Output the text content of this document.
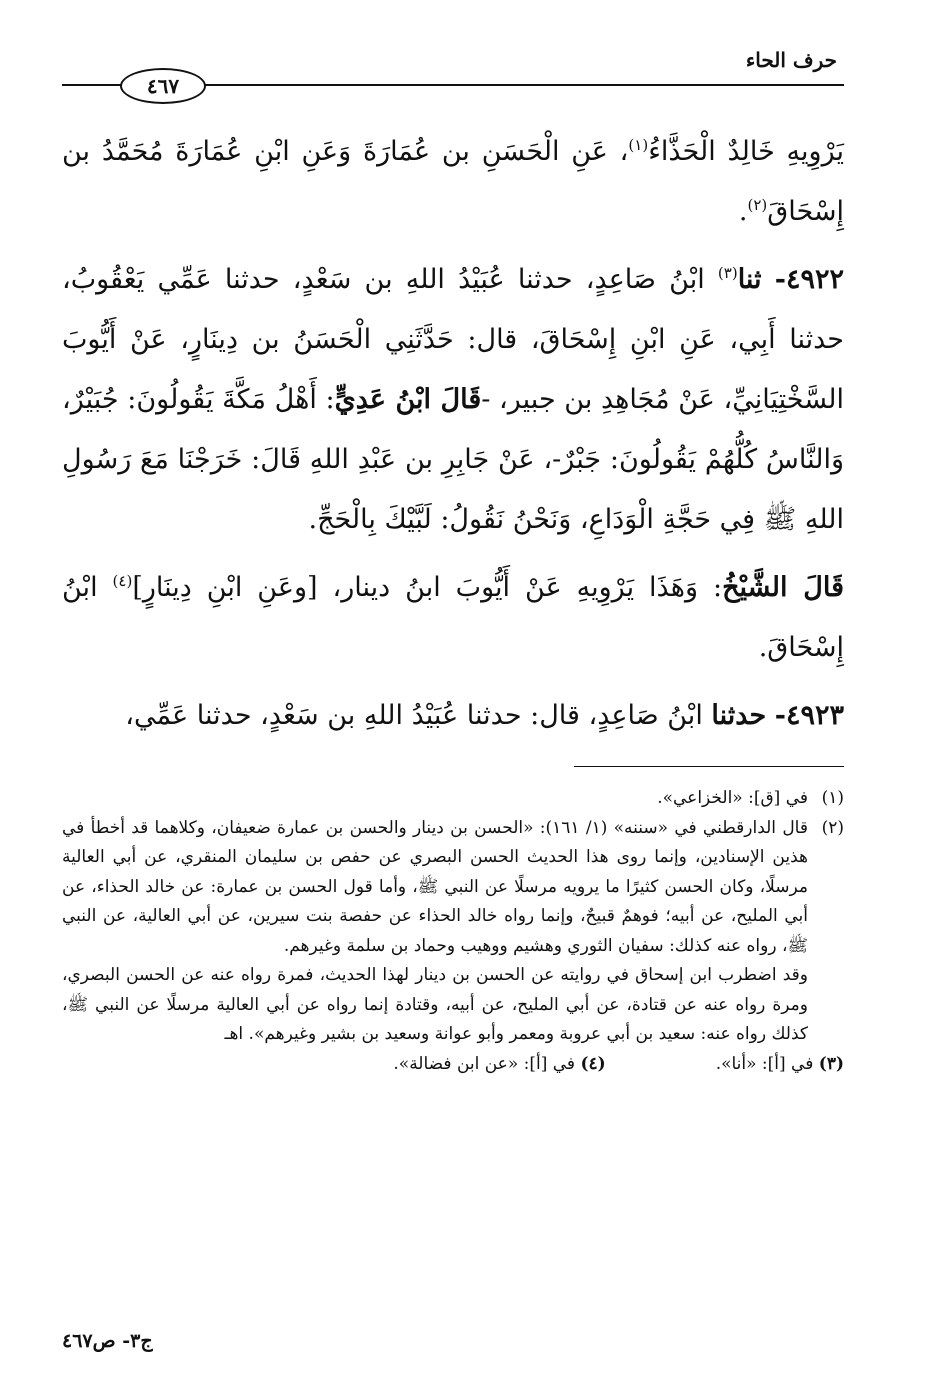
حرف الحاء
٤٦٧

يَرْوِيهِ خَالِدٌ الْحَذَّاءُ$^{(١)}$، عَنِ الْحَسَنِ بن عُمَارَةَ وَعَنِ ابْنِ عُمَارَةَ مُحَمَّدُ بن إِسْحَاقَ$^{(٢)}$.

٤٩٢٢- ثنا$^{(٣)}$ ابْنُ صَاعِدٍ، حدثنا عُبَيْدُ اللهِ بن سَعْدٍ، حدثنا عَمِّي يَعْقُوبُ، حدثنا أَبِي، عَنِ ابْنِ إِسْحَاقَ، قال: حَدَّثَنِي الْحَسَنُ بن دِينَارٍ، عَنْ أَيُّوبَ السَّخْتِيَانِيِّ، عَنْ مُجَاهِدِ بن جبير، -قَالَ ابْنُ عَدِيٍّ: أَهْلُ مَكَّةَ يَقُولُونَ: جُبَيْرٌ، وَالنَّاسُ كُلُّهُمْ يَقُولُونَ: جَبْرٌ-، عَنْ جَابِرِ بن عَبْدِ اللهِ قَالَ: خَرَجْنَا مَعَ رَسُولِ اللهِ ﷺ فِي حَجَّةِ الْوَدَاعِ، وَنَحْنُ نَقُولُ: لَبَّيْكَ بِالْحَجِّ.

قَالَ الشَّيْخُ: وَهَذَا يَرْوِيهِ عَنْ أَيُّوبَ ابنُ دينار، [وعَنِ ابْنِ دِينَارٍ]$^{(٤)}$ ابْنُ إِسْحَاقَ.

٤٩٢٣- حدثنا ابْنُ صَاعِدٍ، قال: حدثنا عُبَيْدُ اللهِ بن سَعْدٍ، حدثنا عَمِّي،

(١)
في [ق]: «الخزاعي».

(٢)
قال الدارقطني في «سننه» (١/ ١٦١): «الحسن بن دينار والحسن بن عمارة ضعيفان، وكلاهما قد أخطأ في هذين الإسنادين، وإنما روى هذا الحديث الحسن البصري عن حفص بن سليمان المنقري، عن أبي العالية مرسلًا، وكان الحسن كثيرًا ما يرويه مرسلًا عن النبي ﷺ، وأما قول الحسن بن عمارة: عن خالد الحذاء، عن أبي المليح، عن أبيه؛ فوهمٌ قبيحٌ، وإنما رواه خالد الحذاء عن حفصة بنت سيرين، عن أبي العالية، عن النبي ﷺ، رواه عنه كذلك: سفيان الثوري وهشيم ووهيب وحماد بن سلمة وغيرهم.

وقد اضطرب ابن إسحاق في روايته عن الحسن بن دينار لهذا الحديث، فمرة رواه عنه عن الحسن البصري، ومرة رواه عنه عن قتادة، عن أبي المليح، عن أبيه، وقتادة إنما رواه عن أبي العالية مرسلًا عن النبي ﷺ، كذلك رواه عنه: سعيد بن أبي عروبة ومعمر وأبو عوانة وسعيد بن بشير وغيرهم». اهـ

(٣) في [أ]: «أنا».
(٤) في [أ]: «عن ابن فضالة».
ج٣- ص٤٦٧
